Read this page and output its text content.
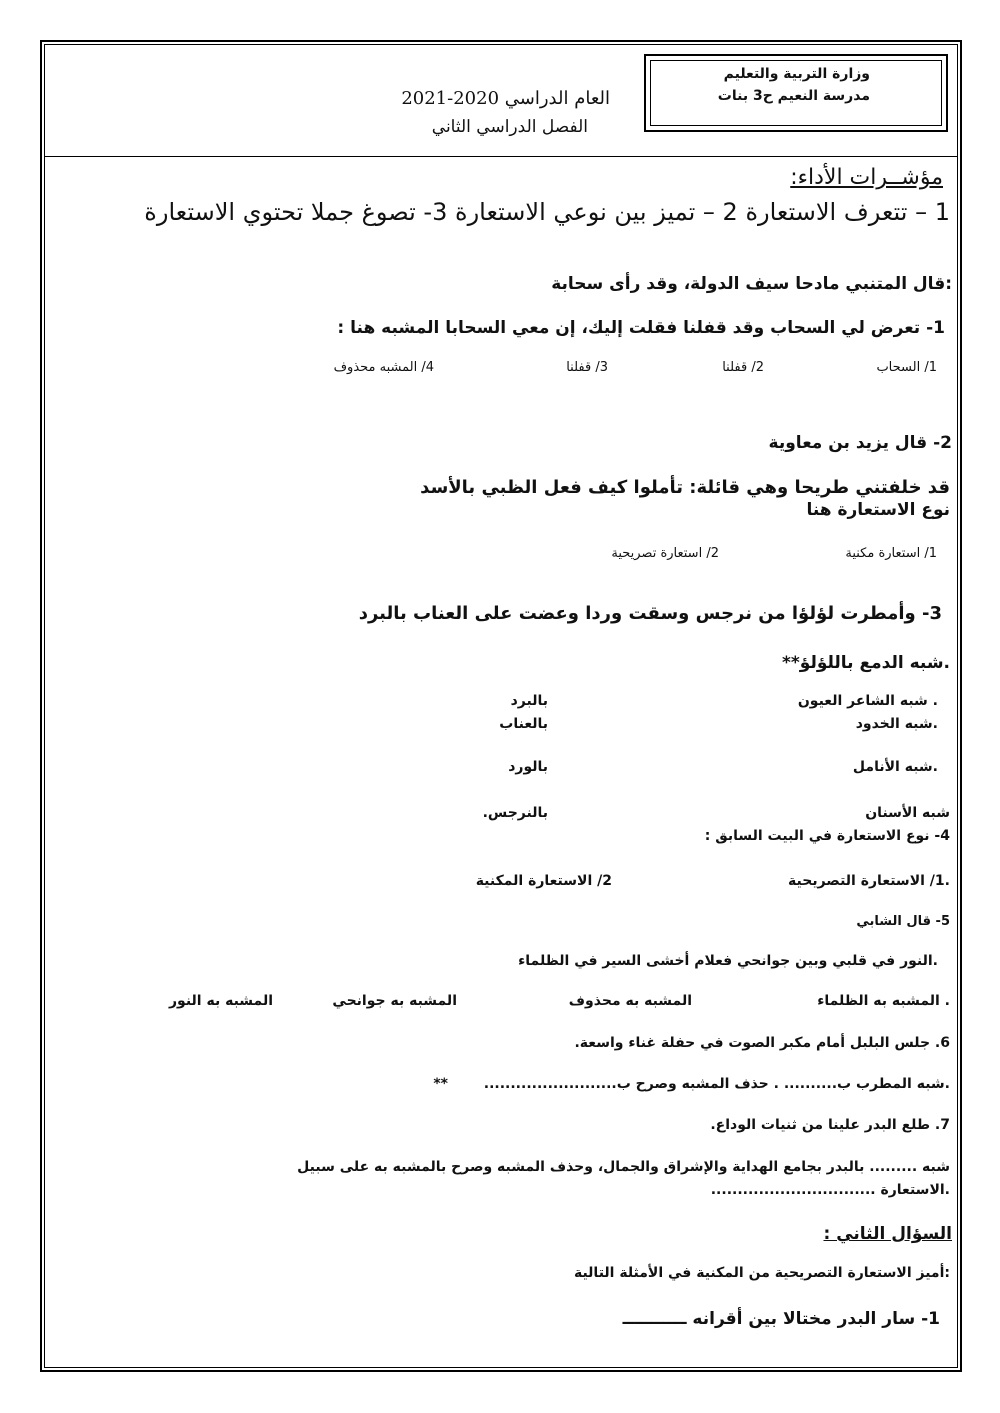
وزارة التربية والتعليم
مدرسة النعيم ح3 بنات
العام الدراسي 2020-2021
الفصل الدراسي الثاني
مؤشــرات الأداء:
1 – تتعرف الاستعارة 2 – تميز بين نوعي الاستعارة 3- تصوغ جملا تحتوي الاستعارة
:قال المتنبي مادحا سيف الدولة، وقد رأى سحابة
1- تعرض لي السحاب وقد قفلنا فقلت إليك، إن معي السحابا المشبه هنا :
1/ السحاب
2/ قفلنا
3/ قفلنا
4/ المشبه محذوف
2- قال يزيد بن معاوية
قد خلفتني طريحا وهي قائلة: تأملوا كيف فعل الظبي بالأسد
نوع الاستعارة هنا
1/ استعارة مكنية
2/ استعارة تصريحية
3- وأمطرت لؤلؤا من نرجس وسقت وردا وعضت على العناب بالبرد
.شبه الدمع باللؤلؤ**
. شبه الشاعر العيون
بالبرد
.شبه الخدود
بالعناب
.شبه الأنامل
بالورد
شبه الأسنان
بالنرجس.
4- نوع الاستعارة في البيت السابق :
.1/ الاستعارة التصريحية
2/ الاستعارة المكنية
5- قال الشابي
.النور في قلبي وبين جوانحي فعلام أخشى السير في الظلماء
. المشبه به الظلماء
المشبه به محذوف
المشبه به جوانحي
المشبه به النور
6. جلس البلبل أمام مكبر الصوت في حفلة غناء واسعة.
.شبه المطرب ب.......... . حذف المشبه وصرح ب.........................
**
7. طلع البدر علينا من ثنيات الوداع.
شبه ......... بالبدر بجامع الهداية والإشراق والجمال، وحذف المشبه وصرح بالمشبه به على سبيل
.الاستعارة ...............................
السؤال الثاني :
:أميز الاستعارة التصريحية من المكنية في الأمثلة التالية
1- سار البدر مختالا بين أقرانه ـــــــــــ
